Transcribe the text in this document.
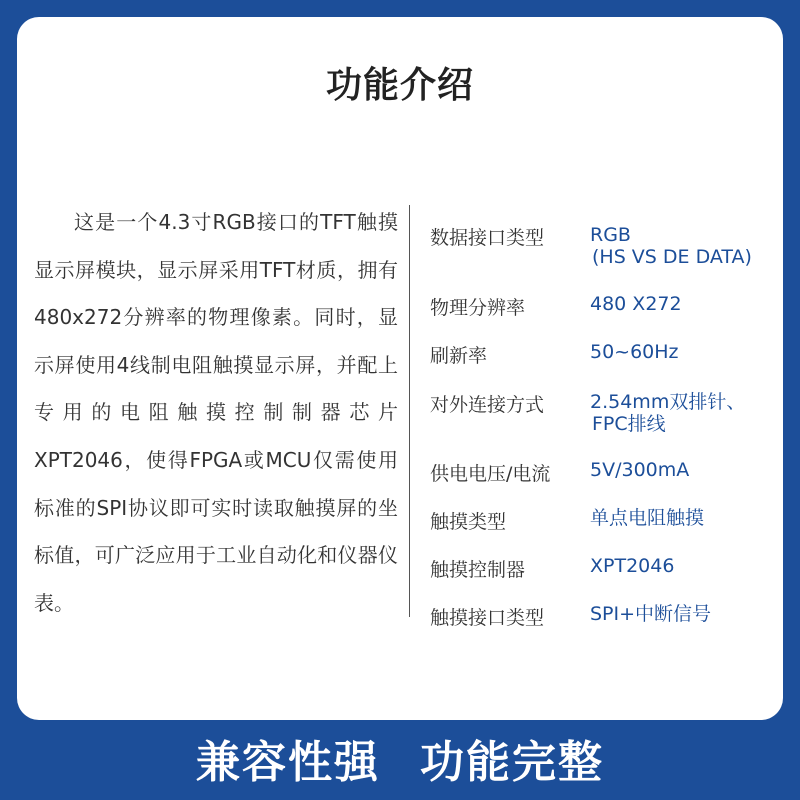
功能介绍
这是一个4.3寸RGB接口的TFT触摸显示屏模块，显示屏采用TFT材质，拥有480x272分辨率的物理像素。同时，显示屏使用4线制电阻触摸显示屏，并配上专用的电阻触摸控制制器芯片XPT2046，使得FPGA或MCU仅需使用标准的SPI协议即可实时读取触摸屏的坐标值，可广泛应用于工业自动化和仪器仪表。
数据接口类型 RGB
(HS VS DE DATA)
物理分辨率	480 X272
刷新率	50~60Hz
对外连接方式 2.54mm双排针、
FPC排线
供电电压/电流 5V/300mA
触摸类型	单点电阻触摸
触摸控制器	XPT2046
触摸接口类型 SPI+中断信号
兼容性强 功能完整
